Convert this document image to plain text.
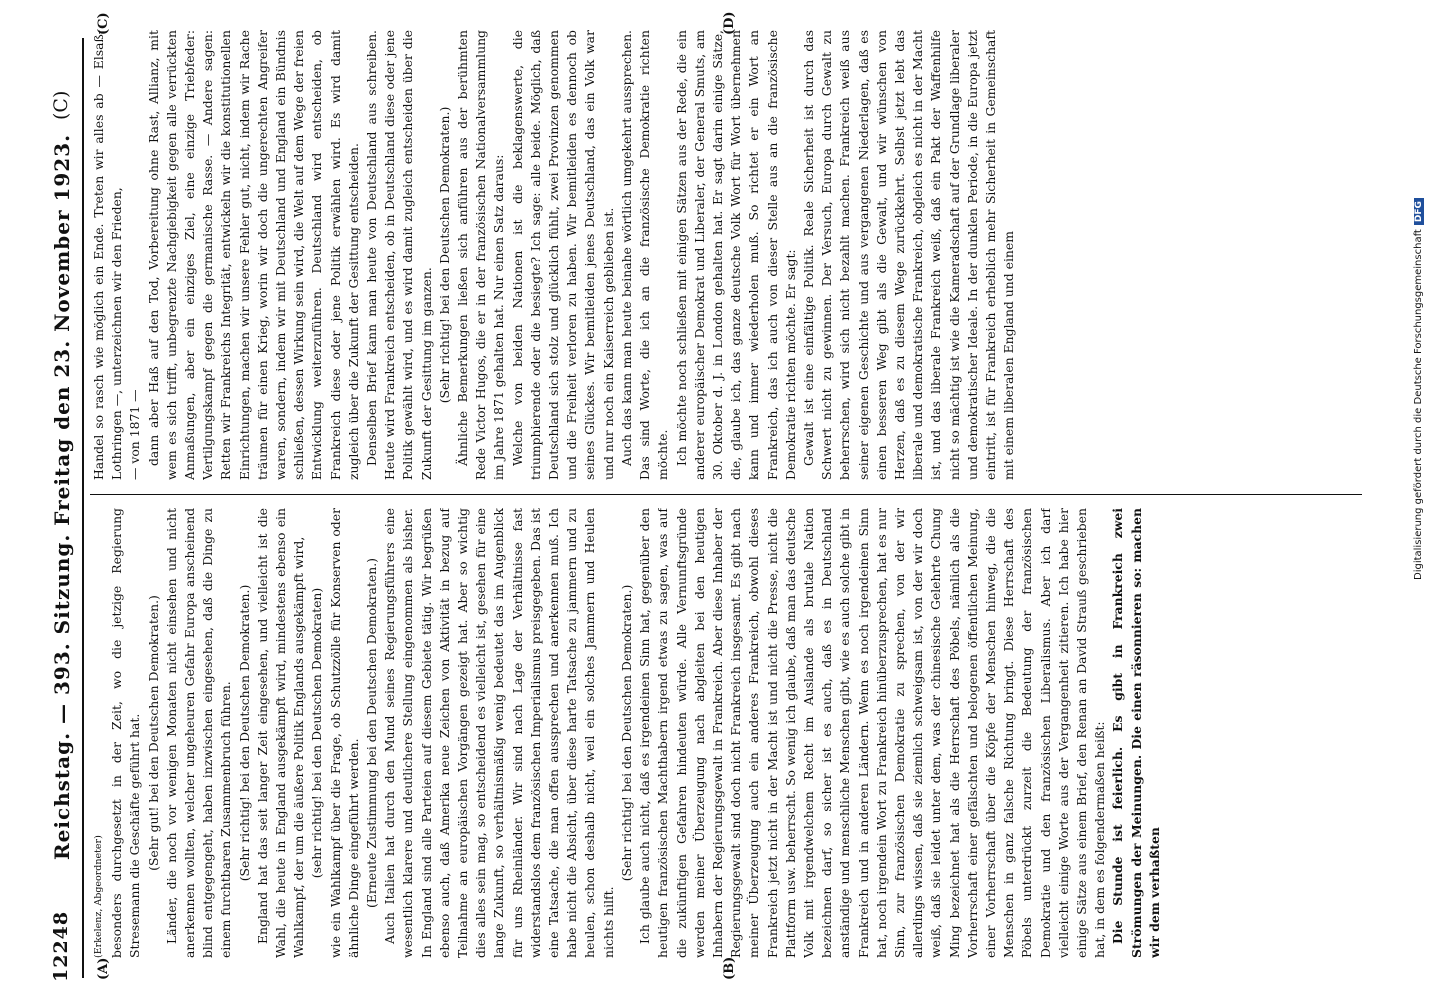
12248
Reichstag. — 393. Sitzung. Freitag den 23. November 1923.
(C)
(A)	(B)
(C)	(D)

(Erkelenz, Abgeordneter) besonders durchgesetzt in der Zeit, wo die jetzige Regierung Stresemann die Geschäfte geführt hat. (Sehr gut! bei den Deutschen Demokraten.) Länder, die noch vor wenigen Monaten nicht einsehen und nicht anerkennen wollten, welcher ungeheuren Gefahr Europa anscheinend blind entgegengeht, haben inzwischen eingesehen, daß die Dinge zu einem furchtbaren Zusammenbruch führen. (Sehr richtig! bei den Deutschen Demokraten.) England hat das seit langer Zeit eingesehen, und vielleicht ist die Wahl, die heute in England ausgekämpft wird, mindestens ebenso ein Wahlkampf, der um die äußere Politik Englands ausgekämpft wird, (sehr richtig! bei den Deutschen Demokraten) wie ein Wahlkampf über die Frage, ob Schutzzölle für Konserven oder ähnliche Dinge eingeführt werden. (Erneute Zustimmung bei den Deutschen Demokraten.) Auch Italien hat durch den Mund seines Regierungsführers eine wesentlich klarere und deutlichere Stellung eingenommen als bisher. In England sind alle Parteien auf diesem Gebiete tätig. Wir begrüßen ebenso auch, daß Amerika neue Zeichen von Aktivität in bezug auf Teilnahme an europäischen Vorgängen gezeigt hat. Aber so wichtig dies alles sein mag, so entscheidend es vielleicht ist, gesehen für eine lange Zukunft, so verhältnismäßig wenig bedeutet das im Augenblick für uns Rheinländer. Wir sind nach Lage der Verhältnisse fast widerstandslos dem französischen Imperialismus preisgegeben. Das ist eine Tatsache, die man offen aussprechen und anerkennen muß. Ich habe nicht die Absicht, über diese harte Tatsache zu jammern und zu heulen, schon deshalb nicht, weil ein solches Jammern und Heulen nichts hilft.

(Sehr richtig! bei den Deutschen Demokraten.) Ich glaube auch nicht, daß es irgendeinen Sinn hat, gegenüber den heutigen französischen Machthabern irgend etwas zu sagen, was auf die zukünftigen Gefahren hindeuten würde. Alle Vernunftsgründe werden meiner Überzeugung nach abgleiten bei den heutigen Inhabern der Regierungsgewalt in Frankreich. Aber diese Inhaber der Regierungsgewalt sind doch nicht Frankreich insgesamt. Es gibt nach meiner Überzeugung auch ein anderes Frankreich, obwohl dieses Frankreich jetzt nicht in der Macht ist und nicht die Presse, nicht die Plattform usw. beherrscht. So wenig ich glaube, daß man das deutsche Volk mit irgendwelchem Recht im Auslande als brutale Nation bezeichnen darf, so sicher ist es auch, daß es in Deutschland anständige und menschliche Menschen gibt, wie es auch solche gibt in Frankreich und in anderen Ländern. Wenn es noch irgendeinen Sinn hat, noch irgendein Wort zu Frankreich hinüberzusprechen, hat es nur Sinn, zur französischen Demokratie zu sprechen, von der wir allerdings wissen, daß sie ziemlich schweigsam ist, von der wir doch weiß, daß sie leidet unter dem, was der chinesische Gelehrte Chung Ming bezeichnet hat als die Herrschaft des Pöbels, nämlich als die Vorherrschaft einer gefälschten und belogenen öffentlichen Meinung, einer Vorherrschaft über die Köpfe der Menschen hinweg, die die Menschen in ganz falsche Richtung bringt. Diese Herrschaft des Pöbels unterdrückt zurzeit die Bedeutung der französischen Demokratie und den französischen Liberalismus. Aber ich darf vielleicht einige Worte aus der Vergangenheit zitieren. Ich habe hier einige Sätze aus einem Brief, den Renan an David Strauß geschrieben hat, in dem es folgendermaßen heißt: Die Stunde ist feierlich. Es gibt in Frankreich zwei Strömungen der Meinungen. Die einen räsonnieren so: machen wir dem verhaßten

Handel so rasch wie möglich ein Ende. Treten wir alles ab — Elsaß-Lothringen —, unterzeichnen wir den Frieden, — von 1871 — dann aber Haß auf den Tod, Vorbereitung ohne Rast, Allianz, mit wem es sich trifft, unbegrenzte Nachgiebigkeit gegen alle verrückten Anmaßungen, aber ein einziges Ziel, eine einzige Triebfeder: Vertilgungskampf gegen die germanische Rasse. — Andere sagen: Retten wir Frankreichs Integrität, entwickeln wir die konstitutionellen Einrichtungen, machen wir unsere Fehler gut, nicht, indem wir Rache träumen für einen Krieg, worin wir doch die ungerechten Angreifer waren, sondern, indem wir mit Deutschland und England ein Bündnis schließen, dessen Wirkung sein wird, die Welt auf dem Wege der freien Entwicklung weiterzuführen. Deutschland wird entscheiden, ob Frankreich diese oder jene Politik erwählen wird. Es wird damit zugleich über die Zukunft der Gesittung entscheiden. Denselben Brief kann man heute von Deutschland aus schreiben. Heute wird Frankreich entscheiden, ob in Deutschland diese oder jene Politik gewählt wird, und es wird damit zugleich entscheiden über die Zukunft der Gesittung im ganzen. (Sehr richtig! bei den Deutschen Demokraten.) Ähnliche Bemerkungen ließen sich anführen aus der berühmten Rede Victor Hugos, die er in der französischen Nationalversammlung im Jahre 1871 gehalten hat. Nur einen Satz daraus: Welche von beiden Nationen ist die beklagenswerte, die triumphierende oder die besiegte? Ich sage: alle beide. Möglich, daß Deutschland sich stolz und glücklich fühlt, zwei Provinzen genommen und die Freiheit verloren zu haben. Wir bemitleiden es dennoch ob seines Glückes. Wir bemitleiden jenes Deutschland, das ein Volk war und nur noch ein Kaiserreich geblieben ist. Auch das kann man heute beinahe wörtlich umgekehrt aussprechen. Das sind Worte, die ich an die französische Demokratie richten möchte. Ich möchte noch schließen mit einigen Sätzen aus der Rede, die ein anderer europäischer Demokrat und Liberaler, der General Smuts, am 30. Oktober d. J. in London gehalten hat. Er sagt darin einige Sätze, die, glaube ich, das ganze deutsche Volk Wort für Wort übernehmen kann und immer wiederholen muß. So richtet er ein Wort an Frankreich, das ich auch von dieser Stelle aus an die französische Demokratie richten möchte. Er sagt: Gewalt ist eine einfältige Politik. Reale Sicherheit ist durch das Schwert nicht zu gewinnen. Der Versuch, Europa durch Gewalt zu beherrschen, wird sich nicht bezahlt machen. Frankreich weiß aus seiner eigenen Geschichte und aus vergangenen Niederlagen, daß es einen besseren Weg gibt als die Gewalt, und wir wünschen von Herzen, daß es zu diesem Wege zurückkehrt. Selbst jetzt lebt das liberale und demokratische Frankreich, obgleich es nicht in der Macht ist, und das liberale Frankreich weiß, daß ein Pakt der Waffenhilfe nicht so mächtig ist wie die Kameradschaft auf der Grundlage liberaler und demokratischer Ideale. In der dunklen Periode, in die Europa jetzt eintritt, ist für Frankreich erheblich mehr Sicherheit in Gemeinschaft mit einem liberalen England und einem	Digitalisierung gefördert durch die Deutsche ForschungsgemeinschaftDFG
